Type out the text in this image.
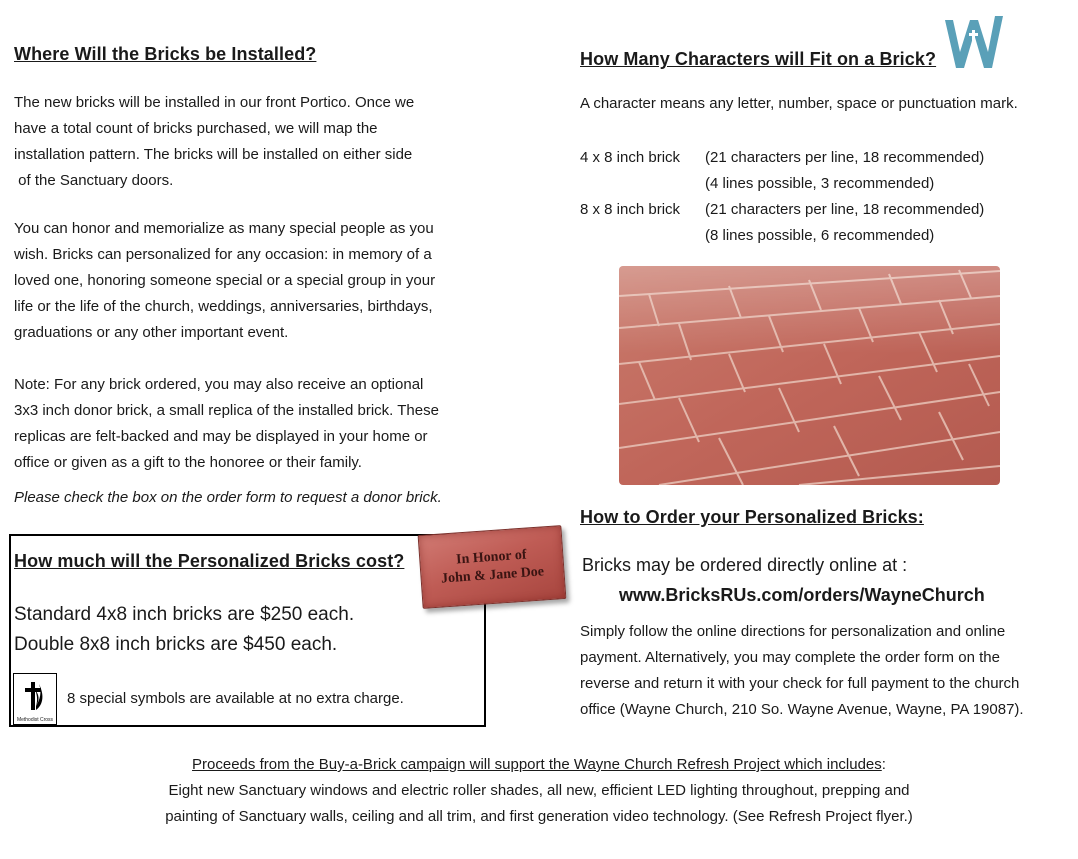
Where Will the Bricks be Installed?
The new bricks will be installed in our front Portico. Once we
have a total count of bricks purchased, we will map the
installation pattern. The bricks will be installed on either side
of the Sanctuary doors.
You can honor and memorialize as many special people as you
wish. Bricks can personalized for any occasion: in memory of a
loved one, honoring someone special or a special group in your
life or the life of the church, weddings, anniversaries, birthdays,
graduations or any other important event.
Note: For any brick ordered, you may also receive an optional
3x3 inch donor brick, a small replica of the installed brick. These
replicas are felt-backed and may be displayed in your home or
office or given as a gift to the honoree or their family.
Please check the box on the order form to request a donor brick.
How much will the Personalized Bricks cost?
Standard 4x8 inch bricks are $250 each.
Double 8x8 inch bricks are $450 each.
Methodist Cross
8 special symbols are available at no extra charge.
In Honor of
John & Jane Doe
How Many Characters will Fit on a Brick?
A character means any letter, number, space or punctuation mark.
4 x 8 inch brick	(21 characters per line, 18 recommended)
(4 lines possible, 3 recommended)
8 x 8 inch brick	(21 characters per line, 18 recommended)
(8 lines possible, 6 recommended)
How to Order your Personalized Bricks:
Bricks may be ordered directly online at :
www.BricksRUs.com/orders/WayneChurch
Simply follow the online directions for personalization and online
payment. Alternatively, you may complete the order form on the
reverse and return it with your check for full payment to the church
office (Wayne Church, 210 So. Wayne Avenue, Wayne, PA 19087).
Proceeds from the Buy-a-Brick campaign will support the Wayne Church Refresh Project which includes:
Eight new Sanctuary windows and electric roller shades, all new, efficient LED lighting throughout, prepping and
painting of Sanctuary walls, ceiling and all trim, and first generation video technology. (See Refresh Project flyer.)
